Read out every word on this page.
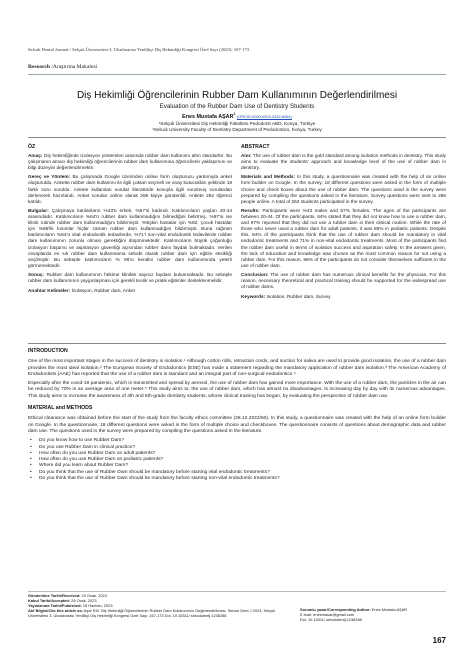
Selcuk Dental Journal / Selçuk Üniversitesi 3. Uluslararası Yenilikçi Diş Hekimliği Kongresi Özel Sayı (2023): 167-173
Research /Araştırma Makalesi
Diş Hekimliği Öğrencilerinin Rubber Dam Kullanımının Değerlendirilmesi
Evaluation of the Rubber Dam Use of Dentistry Students
Enes Mustafa AŞAR$^1$ (ORCID-0000-0003-3432-8064)
¹Selçuk Üniversitesi Diş Hekimliği Fakültesi Pedodonti ABD, Konya, Türkiye
¹Selcuk University Faculty of Dentistry Department of Pedodontics, Konya, Turkey
ÖZ

Amaç: Diş hekimliğinde izolasyon yöntemleri arasında rubber dam kullanımı altın standarttır. Bu çalışmanın amacı diş hekimliği öğrencilerinin rubber dam kullanımına öğrencilerin yaklaşımını ve bilgi düzeyini değerlendirmektir.

Gereç ve Yöntem: Bu çalışmada Google üzerinden online form oluşturucu yardımıyla anket oluşturuldu. Ankette rubber dam kullanımı ile ilgili çoktan seçmeli ve onay kutucukları şeklinde 18 farklı soru soruldu. Ankete kullanılan sorular literatürde konuyla ilgili sorulmuş sorulardan derlenerek hazırlandı. Anket soruları online olarak 286 kişiye gönderildi. Ankete 262 öğrenci katıldı.

Bulgular: Çalışmaya katılanların %43'ü erkek, %57'si kadındı. Katılımcıların yaşları 20-44 arasındadır. Katılımcıların %64'ü rubber dam kullanmadığını bilmediğini belirtmiş, %97'si ise klinik rutinde rubber dam kullanmadığını bildirmiştir. Yetişkin hastalar için %82, çocuk hastalar için %85'lik kısımlar hiçbir zaman rubber dam kullanmadığını bildirmiştir. Buna rağmen katılımcıların %84'ü vital endodontik tedavilerde, %71'i non-vital endodontik tedavilerde rubber dam kullanımının zorunlu olması gerektiğini düşünmektedir. Katılımcıların büyük çoğunluğu izolasyon başarısı ve aspirasyon güvenliği açısından rubber damı faydalı bulmaktadır. Verilen cevaplarda en sık rubber dam kullanmama sebebi olarak rubber dam için eğitim eksikliği seçilmiştir. Bu sebeple katılımcıların % 96'sı kendini rubber dam kullanımında yeterli görmemektedir.

Sonuç: Rubber dam kullanımının hekime klinikte sayısız faydası bulunmaktadır. Bu sebeple rubber dam kullanımının yaygınlaşması için gerekli teorik ve pratik eğitimler desteklenmelidir.

Anahtar Kelimeler: İzolasyon, Rubber dam, Anket

ABSTRACT

Aim: The use of rubber dam is the gold standard among isolation methods in dentistry. This study aims to evaluate the students' approach and knowledge level of the use of rubber dam in dentistry.

Materials and Methods: In this study, a questionnaire was created with the help of an online form builder on Google. In the survey, 18 different questions were asked in the form of multiple choice and check boxes about the use of rubber dam. The questions used in the survey were prepared by compiling the questions asked in the literature. Survey questions were sent to 286 people online. A total of 262 students participated in the survey.

Results: Participants were %43 males and 57% females. The ages of the participants are between 20-44. Of the participants, 64% stated that they did not know how to use a rubber dam, and 97% reported that they did not use a rubber dam in their clinical routine. While the rate of those who never used a rubber dam for adult patients, it was 85% in pediatric patients. Despite this, 84% of the participants think that the use of rubber dam should be mandatory in vital endodontic treatments and 71% in non-vital endodontic treatments. Most of the participants find the rubber dam useful in terms of isolation success and aspiration safety. In the answers given, the lack of education and knowledge was chosen as the most common reason for not using a rubber dam. For this reason, 96% of the participants do not consider themselves sufficient in the use of rubber dam.

Conclusion: The use of rubber dam has numerous clinical benefits for the physician. For this reason, necessary theoretical and practical training should be supported for the widespread use of rubber dams.

Keywords: Isolation, Rubber dam, Survey

INTRODUCTION

One of the most important stages in the success of dentistry is isolation.¹ Although cotton rolls, retraction cords, and suction for saliva are used to provide good isolation, the use of a rubber dam provides the most ideal isolation.² The European Society of Endodontics (ESE) has made a statement regarding the mandatory application of rubber dam isolation.³ The American Academy of Endodontists (AAE) has reported that the use of a rubber dam is standard and an integral part of non-surgical endodontics.⁴

Especially after the covid-19 pandemic, which is transmitted and spread by aerosol, the use of rubber dam has gained more importance. With the use of a rubber dam, the particles in the air can be reduced by 70% in an average area of one meter.⁵ This study aims to; the use of rubber dam, which has almost no disadvantages, is increasing day by day with its numerous advantages. This study aims to increase the awareness of 4th and 5th-grade dentistry students, whose clinical training has begun, by evaluating the perspective of rubber dam use.

MATERIAL and METHODS

Ethical clearance was obtained before the start of the study from the faculty ethics committee (28.12.2022/50). In this study, a questionnaire was created with the help of an online form builder on Google. In the questionnaire, 18 different questions were asked in the form of multiple choice and checkboxes. The questionnaire consists of questions about demographic data and rubber dam use. The questions used in the survey were prepared by compiling the questions asked in the literature.

• Do you know how to use Rubber Dam?
• Do you use Rubber Dam in clinical practice?
• How often do you use Rubber Dam on adult patients?
• How often do you use Rubber Dam on pediatric patients?
• Where did you learn about Rubber Dam?
• Do you think that the use of Rubber Dam should be mandatory before starting vital endodontic treatments?
• Do you think that the use of Rubber Dam should be mandatory before starting non-vital endodontic treatments?
Gönderilme Tarihi/Received: 20 Ocak, 2023
Kabul Tarihi/Accepted: 28 Ocak, 2023
Yayınlanma Tarihi/Published: 15 Haziran, 2023
Atıf Bilgisi/Cite this article as: Aşar EM. Diş Hekimliği Öğrencilerinin Rubber Dam Kullanımının Değerlendirilmesi. Selcuk Dent J 2023; Selçuk Üniversitesi 3. Uluslararası Yenilikçi Diş Hekimliği Kongresi Özel Sayı: 167-173 Doi: 10.15311/ selcukdentj.1238288
Sorumlu yazar/Corresponding Author: Enes Mustafa AŞAR
E-mail: enesmasar@gmail.com
Doi: 10.15311/ selcukdentj.1238288
167
